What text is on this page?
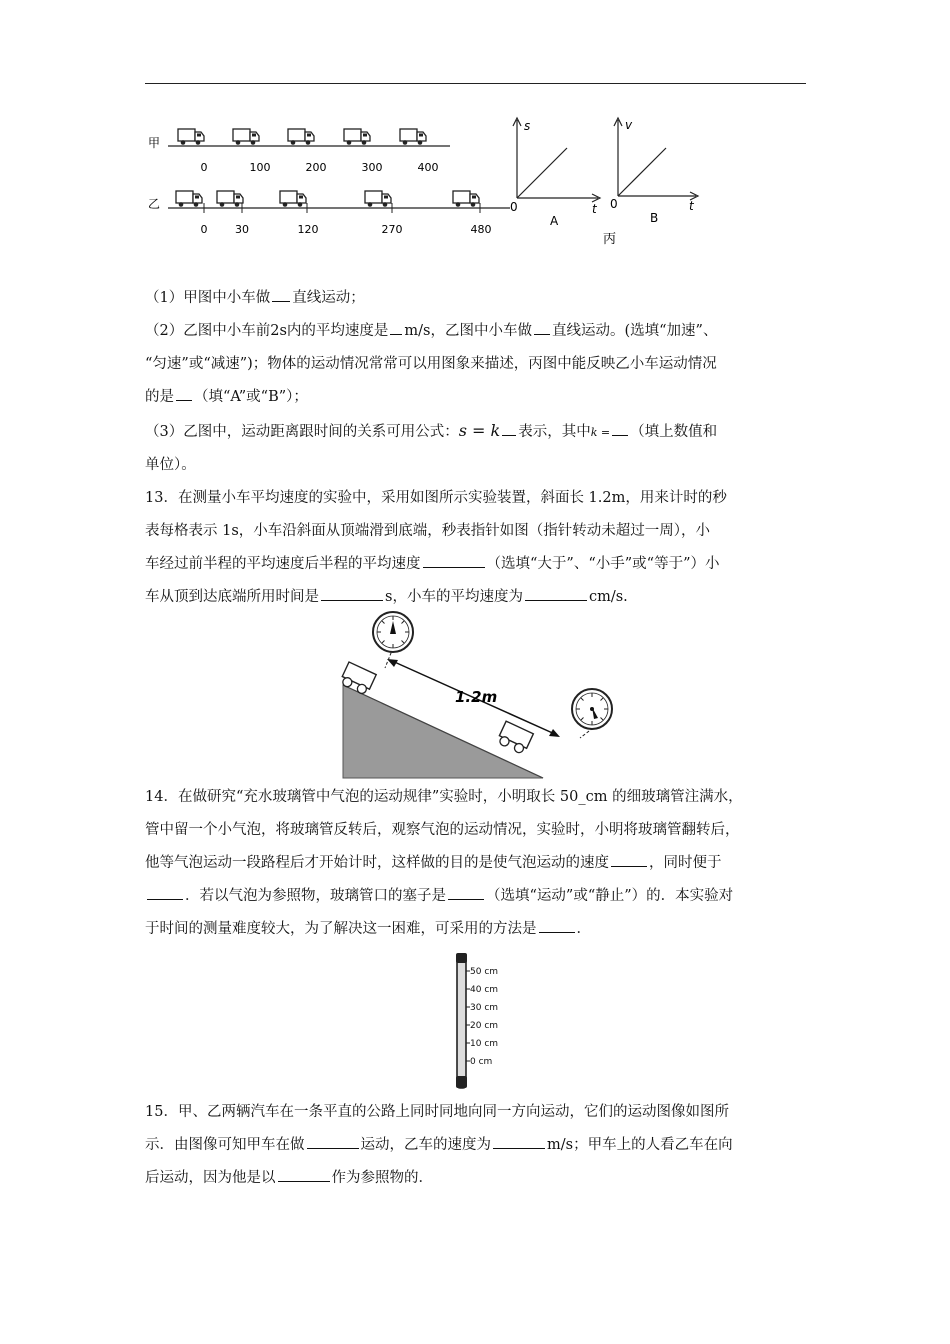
甲
0	100	200	300	400
乙
0	30	120	270	480
s
t
0
A
v
t
0
B
丙

（1）甲图中小车做 直线运动；

（2）乙图中小车前2s内的平均速度是 m/s，乙图中小车做 直线运动。(选填“加速”、

“匀速”或“减速”)；物体的运动情况常常可以用图象来描述，丙图中能反映乙小车运动情况

的是 （填“A”或“B”）；

（3）乙图中，运动距离跟时间的关系可用公式：s = k 表示，其中k = （填上数值和

单位）。

13．在测量小车平均速度的实验中，采用如图所示实验装置，斜面长 1.2m，用来计时的秒

表每格表示 1s，小车沿斜面从顶端滑到底端，秒表指针如图（指针转动未超过一周），小

车经过前半程的平均速度后半程的平均速度	（选填“大于”、“小手”或“等于”）小

车从顶到达底端所用时间是	s，小车的平均速度为	cm/s.

1.2m

14．在做研究“充水玻璃管中气泡的运动规律”实验时，小明取长 50_cm 的细玻璃管注满水，

管中留一个小气泡，将玻璃管反转后，观察气泡的运动情况，实验时，小明将玻璃管翻转后，

他等气泡运动一段路程后才开始计时，这样做的目的是使气泡运动的速度	，同时便于

．若以气泡为参照物，玻璃管口的塞子是	（选填“运动”或“静止”）的．本实验对

于时间的测量难度较大，为了解决这一困难，可采用的方法是	．

50 cm
40 cm
30 cm
20 cm
10 cm
0 cm

15．甲、乙两辆汽车在一条平直的公路上同时同地向同一方向运动，它们的运动图像如图所

示．由图像可知甲车在做	运动，乙车的速度为	m/s；甲车上的人看乙车在向

后运动，因为他是以	作为参照物的．
